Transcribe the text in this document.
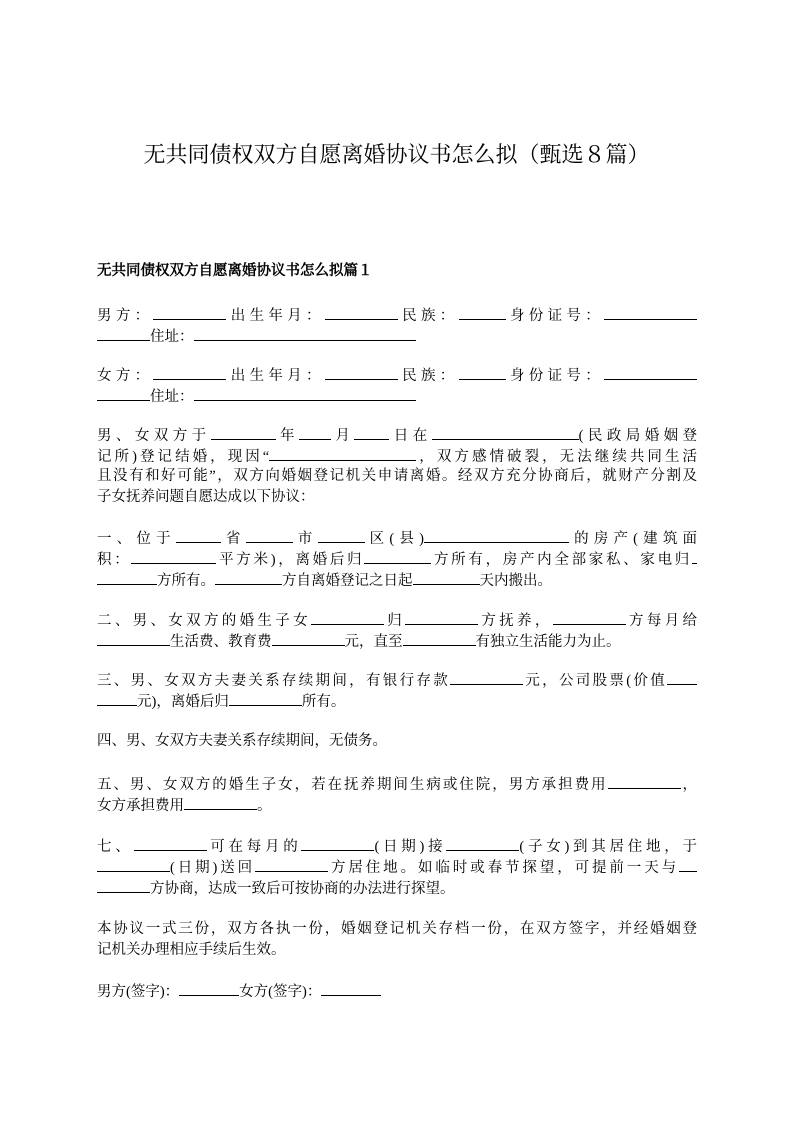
无共同债权双方自愿离婚协议书怎么拟（甄选８篇）
无共同债权双方自愿离婚协议书怎么拟篇１
男方：	出生年月：	民族：	身份证号：
住址：
女方：	出生年月：	民族：	身份证号：
住址：
男、女双方于	年 月 日在	(民政局婚姻登
记所)登记结婚，现因“	，双方感情破裂，无法继续共同生活
且没有和好可能”，双方向婚姻登记机关申请离婚。经双方充分协商后，就财产分割及
子女抚养问题自愿达成以下协议：
一、位于	省	市	区(县)	的房产(建筑面
积：	平方米)，离婚后归	方所有，房产内全部家私、家电归
方所有。	方自离婚登记之日起	天内搬出。
二、男、女双方的婚生子女	归	方抚养，	方每月给
生活费、教育费	元，直至	有独立生活能力为止。
三、男、女双方夫妻关系存续期间，有银行存款	元，公司股票(价值
元)，离婚后归	所有。
四、男、女双方夫妻关系存续期间，无债务。
五、男、女双方的婚生子女，若在抚养期间生病或住院，男方承担费用	，
女方承担费用	。
七、	可在每月的	(日期)接	(子女)到其居住地，于
(日期)送回	方居住地。如临时或春节探望，可提前一天与
方协商，达成一致后可按协商的办法进行探望。
本协议一式三份，双方各执一份，婚姻登记机关存档一份，在双方签字，并经婚姻登
记机关办理相应手续后生效。
男方(签字)：	女方(签字)：
